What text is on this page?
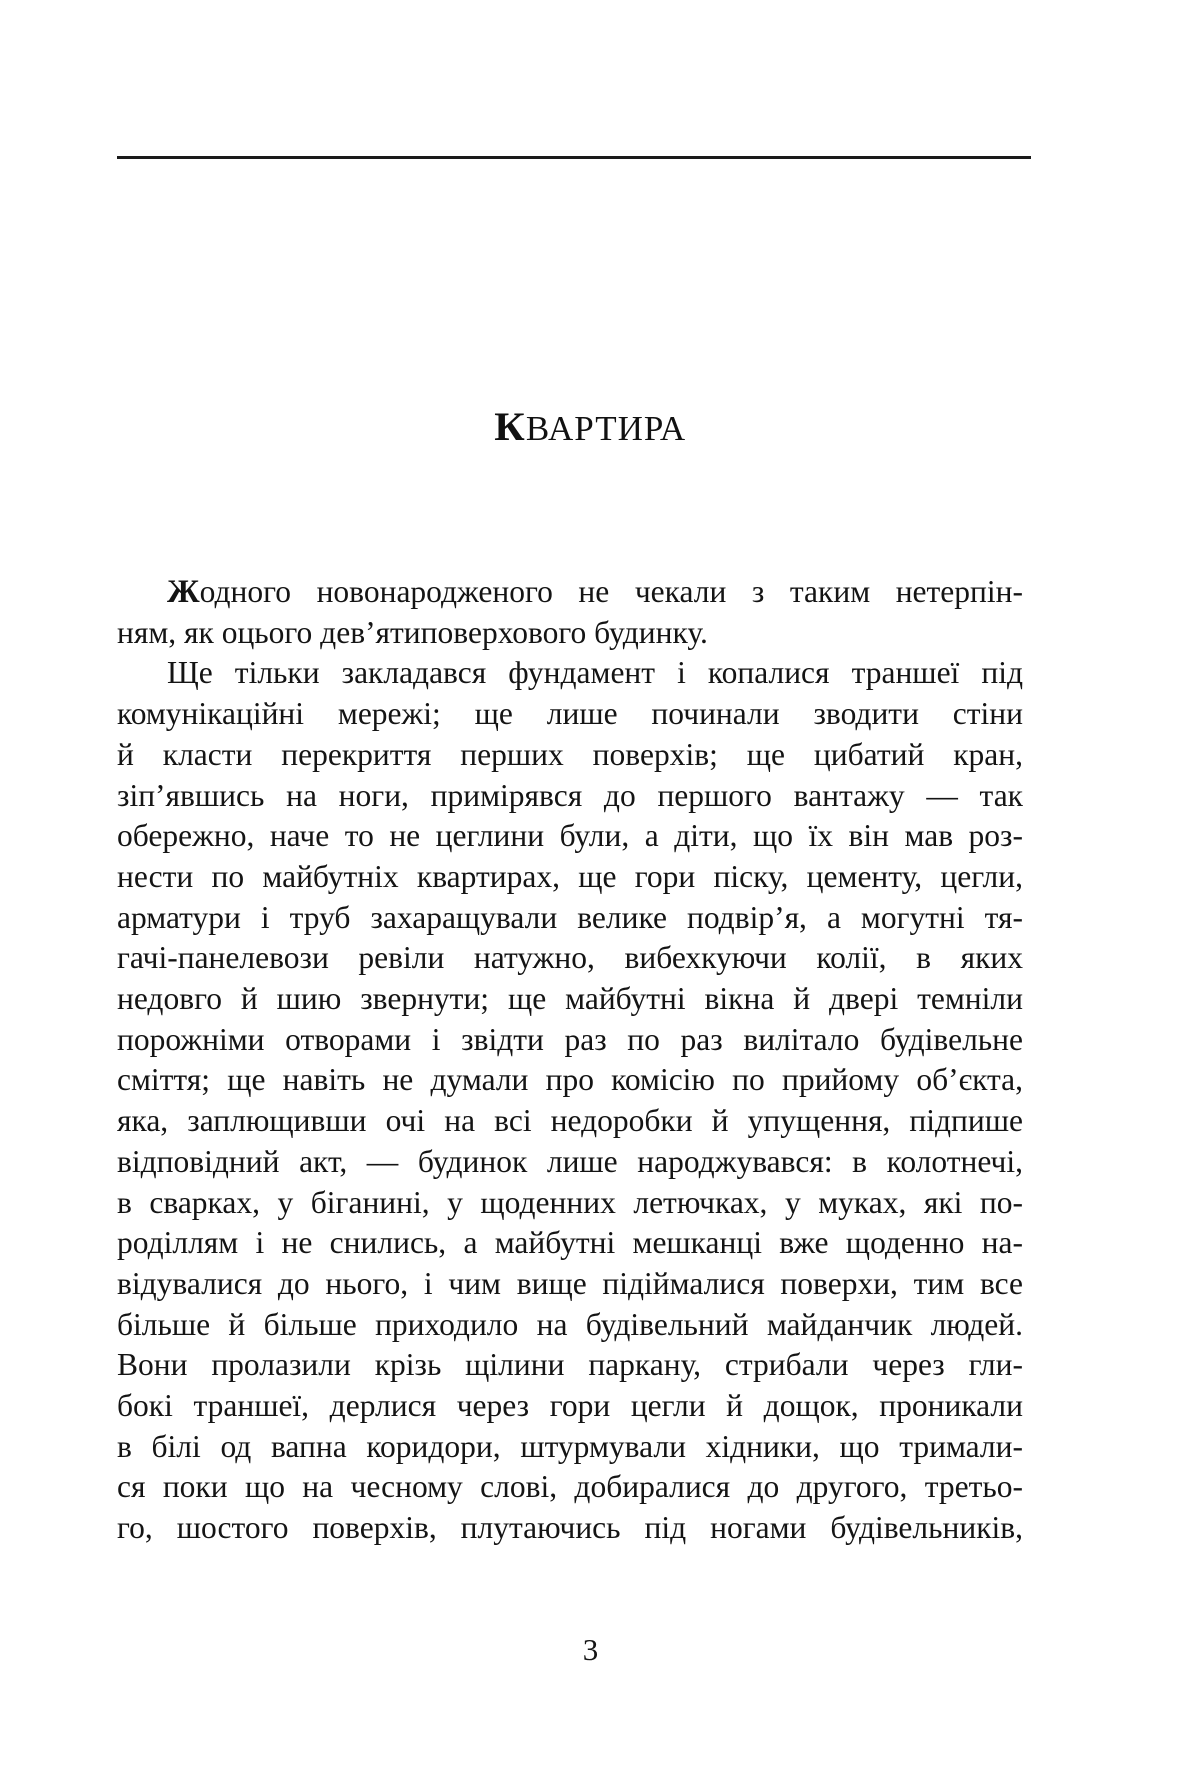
КВАРТИРА
Жодного новонародженого не чекали з таким нетерпін-
ням, як оцього дев’ятиповерхового будинку.
Ще тільки закладався фундамент і копалися траншеї під
комунікаційні мережі; ще лише починали зводити стіни
й класти перекриття перших поверхів; ще цибатий кран,
зіп’явшись на ноги, примірявся до першого вантажу — так
обережно, наче то не цеглини були, а діти, що їх він мав роз-
нести по майбутніх квартирах, ще гори піску, цементу, цегли,
арматури і труб захаращували велике подвір’я, а могутні тя-
гачі-панелевози ревіли натужно, вибехкуючи колії, в яких
недовго й шию звернути; ще майбутні вікна й двері темніли
порожніми отворами і звідти раз по раз вилітало будівельне
сміття; ще навіть не думали про комісію по прийому об’єкта,
яка, заплющивши очі на всі недоробки й упущення, підпише
відповідний акт, — будинок лише народжувався: в колотнечі,
в сварках, у біганині, у щоденних летючках, у муках, які по-
роділлям і не снились, а майбутні мешканці вже щоденно на-
відувалися до нього, і чим вище підіймалися поверхи, тим все
більше й більше приходило на будівельний майданчик людей.
Вони пролазили крізь щілини паркану, стрибали через гли-
бокі траншеї, дерлися через гори цегли й дощок, проникали
в білі од вапна коридори, штурмували хідники, що тримали-
ся поки що на чесному слові, добиралися до другого, третьо-
го, шостого поверхів, плутаючись під ногами будівельників,
3
